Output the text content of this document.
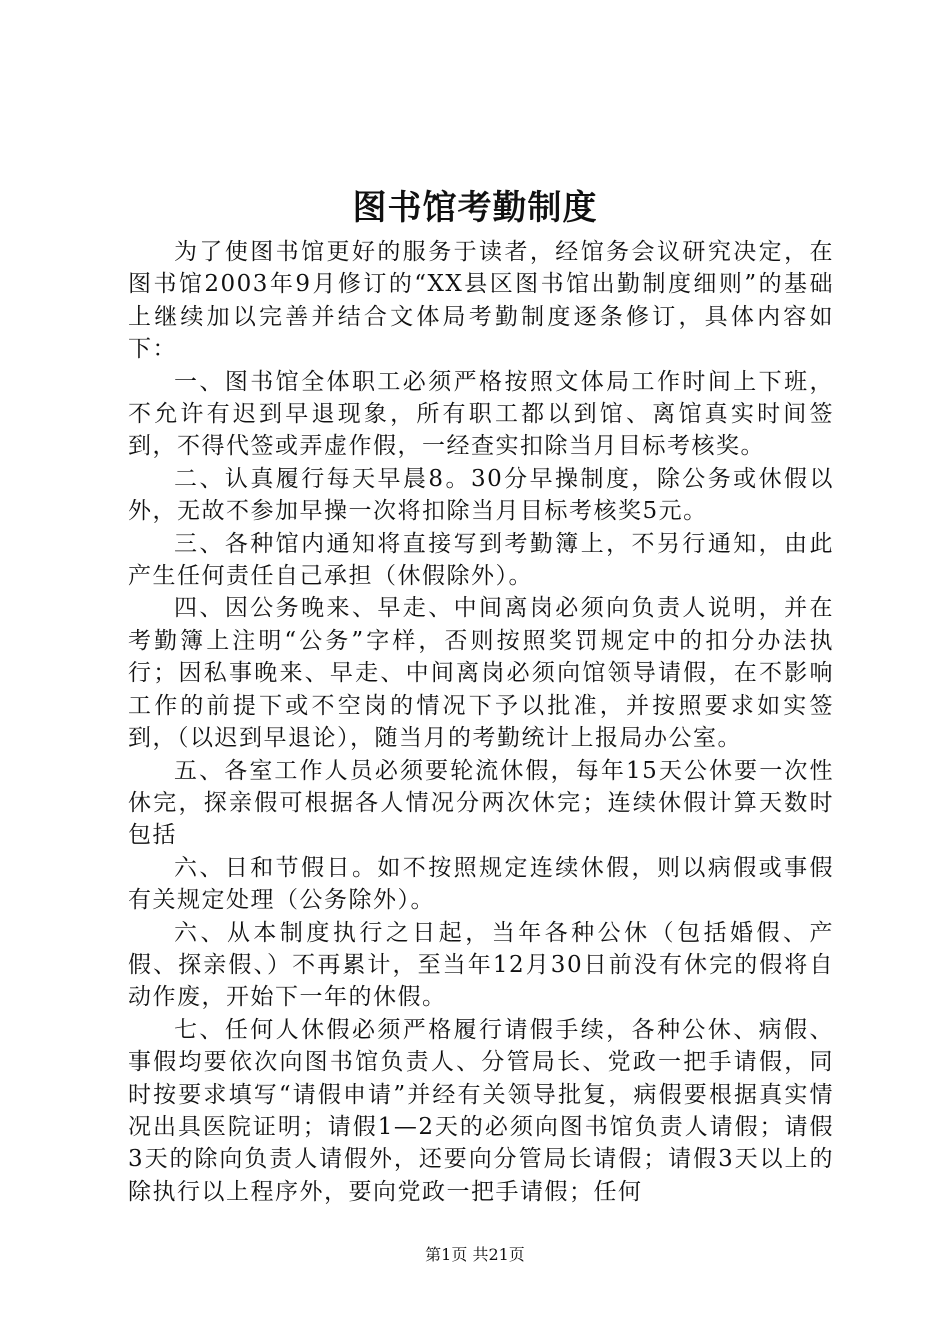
图书馆考勤制度

为了使图书馆更好的服务于读者，经馆务会议研究决定，在图书馆2003年9月修订的“XX县区图书馆出勤制度细则”的基础上继续加以完善并结合文体局考勤制度逐条修订，具体内容如下：

一、图书馆全体职工必须严格按照文体局工作时间上下班，不允许有迟到早退现象，所有职工都以到馆、离馆真实时间签到，不得代签或弄虚作假，一经查实扣除当月目标考核奖。

二、认真履行每天早晨8。30分早操制度，除公务或休假以外，无故不参加早操一次将扣除当月目标考核奖5元。

三、各种馆内通知将直接写到考勤簿上，不另行通知，由此产生任何责任自己承担（休假除外）。

四、因公务晚来、早走、中间离岗必须向负责人说明，并在考勤簿上注明“公务”字样，否则按照奖罚规定中的扣分办法执行；因私事晚来、早走、中间离岗必须向馆领导请假，在不影响工作的前提下或不空岗的情况下予以批准，并按照要求如实签到，（以迟到早退论），随当月的考勤统计上报局办公室。

五、各室工作人员必须要轮流休假，每年15天公休要一次性休完，探亲假可根据各人情况分两次休完；连续休假计算天数时包括

六、日和节假日。如不按照规定连续休假，则以病假或事假有关规定处理（公务除外）。

六、从本制度执行之日起，当年各种公休（包括婚假、产假、探亲假、）不再累计，至当年12月30日前没有休完的假将自动作废，开始下一年的休假。

七、任何人休假必须严格履行请假手续，各种公休、病假、事假均要依次向图书馆负责人、分管局长、党政一把手请假，同时按要求填写“请假申请”并经有关领导批复，病假要根据真实情况出具医院证明；请假1—2天的必须向图书馆负责人请假；请假3天的除向负责人请假外，还要向分管局长请假；请假3天以上的除执行以上程序外，要向党政一把手请假；任何

第1页 共21页
